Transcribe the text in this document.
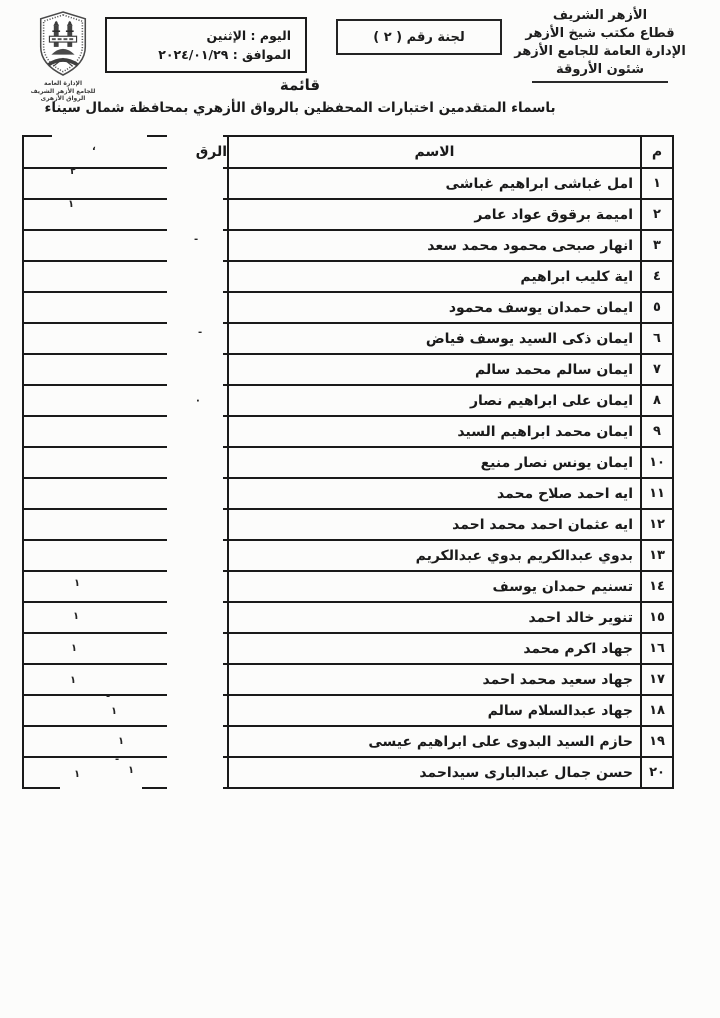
الإدارة العامة
للجامع الأزهر الشريف
الرواق الأزهرى
اليوم : الإثنين
الموافق : ٢٠٢٤/٠١/٢٩
لجنة رقم ( ٢ )
الأزهر الشريف
قطاع مكتب شيخ الأزهر
الإدارة العامة للجامع الأزهر
شئون الأروقة
قائمة
باسماء المتقدمين اختبارات المحفظين بالرواق الأزهري بمحافظة شمال سيناء
م	الاسم	الرق
١	امل غباشى ابراهيم غباشى	
٢	اميمة برقوق عواد عامر	
٣	انهار صبحى محمود محمد سعد	
٤	اية كليب ابراهيم	
٥	ايمان حمدان يوسف محمود	
٦	ايمان ذكى السيد يوسف فياض	
٧	ايمان سالم محمد سالم	
٨	ايمان على ابراهيم نصار	
٩	ايمان محمد ابراهيم السيد	
١٠	ايمان يونس نصار منيع	
١١	ايه احمد صلاح محمد	
١٢	ايه عثمان احمد محمد احمد	
١٣	بدوي عبدالكريم بدوي عبدالكريم	
١٤	تسنيم حمدان يوسف	
١٥	تنوير خالد احمد	
١٦	جهاد اكرم محمد	
١٧	جهاد سعيد محمد احمد	
١٨	جهاد عبدالسلام سالم	
١٩	حازم السيد البدوى على ابراهيم عيسى	
٢٠	حسن جمال عبدالبارى سيداحمد	
،
٢
١
-
-
·
١
١
١
١
-
١
١
-
١
١
